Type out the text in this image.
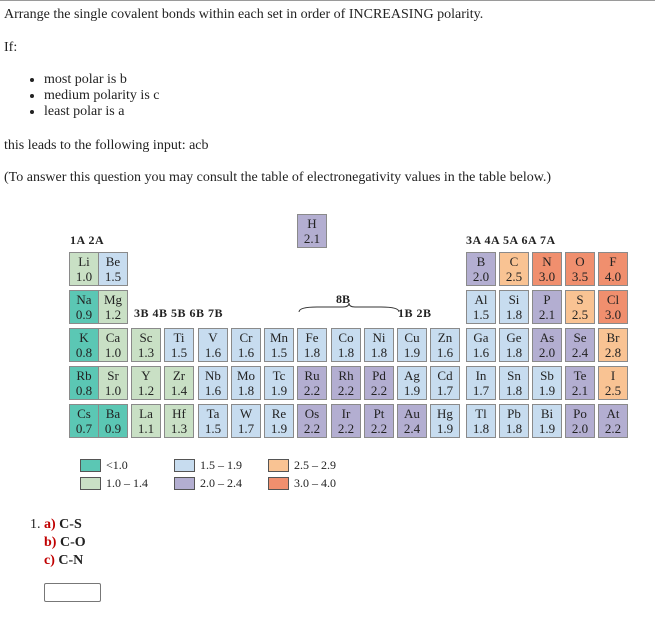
Arrange the single covalent bonds within each set in order of INCREASING polarity.
If:
• most polar is b
• medium polarity is c
• least polar is a
this leads to the following input: acb
(To answer this question you may consult the table of electronegativity values in the table below.)
1A 2A	3A 4A 5A 6A 7A
3B 4B 5B 6B 7B
8B
1B 2B
H
2.1
Li
1.0
Be
1.5
B
2.0
C
2.5
N
3.0
O
3.5
F
4.0
Na
0.9
Mg
1.2
Al
1.5
Si
1.8
P
2.1
S
2.5
Cl
3.0
K
0.8
Ca
1.0
Sc
1.3
Ti
1.5
V
1.6
Cr
1.6
Mn
1.5
Fe
1.8
Co
1.8
Ni
1.8
Cu
1.9
Zn
1.6
Ga
1.6
Ge
1.8
As
2.0
Se
2.4
Br
2.8
Rb
0.8
Sr
1.0
Y
1.2
Zr
1.4
Nb
1.6
Mo
1.8
Tc
1.9
Ru
2.2
Rh
2.2
Pd
2.2
Ag
1.9
Cd
1.7
In
1.7
Sn
1.8
Sb
1.9
Te
2.1
I
2.5
Cs
0.7
Ba
0.9
La
1.1
Hf
1.3
Ta
1.5
W
1.7
Re
1.9
Os
2.2
Ir
2.2
Pt
2.2
Au
2.4
Hg
1.9
Tl
1.8
Pb
1.8
Bi
1.9
Po
2.0
At
2.2
<1.0
1.0 – 1.4
1.5 – 1.9
2.0 – 2.4
2.5 – 2.9
3.0 – 4.0
1. a) C-S
b) C-O
c) C-N
